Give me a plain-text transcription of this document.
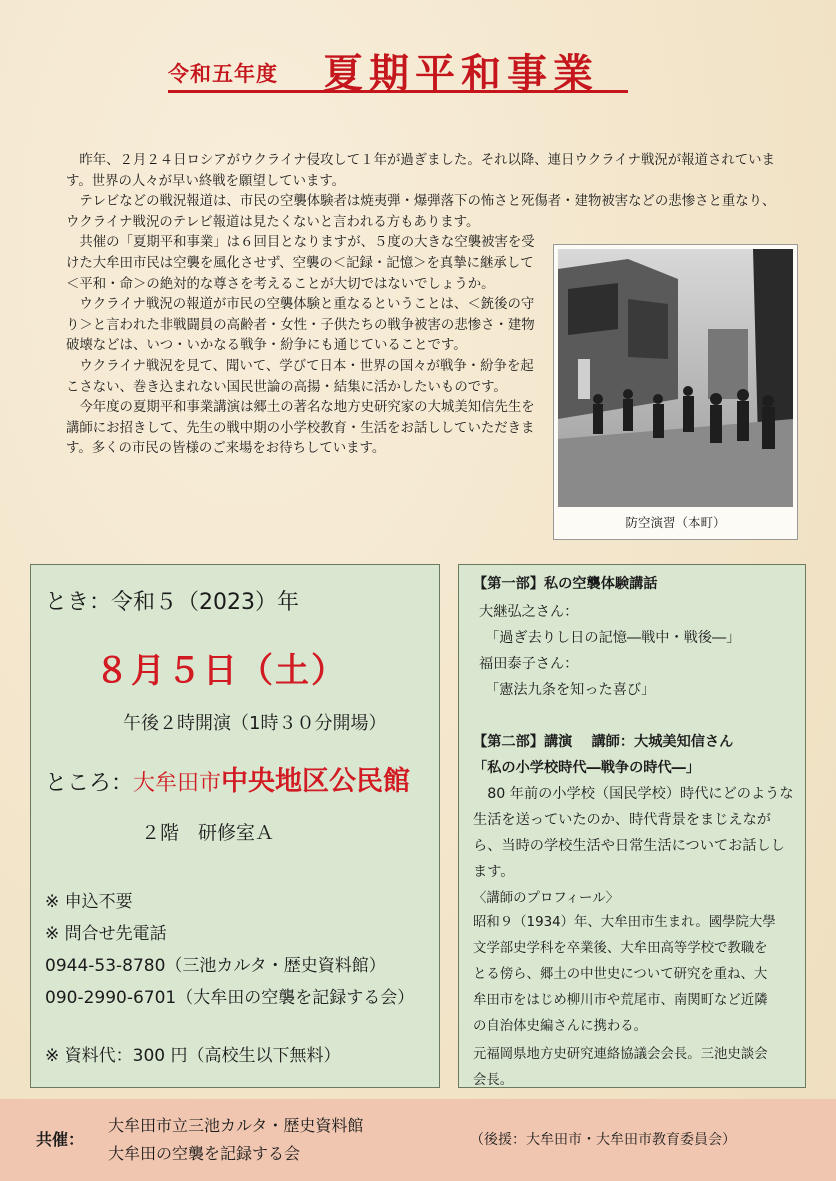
令和五年度 夏期平和事業

　昨年、２月２４日ロシアがウクライナ侵攻して１年が過ぎました。それ以降、連日ウクライナ戦況が報道されています。世界の人々が早い終戦を願望しています。

　テレビなどの戦況報道は、市民の空襲体験者は焼夷弾・爆弾落下の怖さと死傷者・建物被害などの悲惨さと重なり、ウクライナ戦況のテレビ報道は見たくないと言われる方もあります。

　共催の「夏期平和事業」は６回目となりますが、５度の大きな空襲被害を受けた大牟田市民は空襲を風化させず、空襲の＜記録・記憶＞を真摯に継承して＜平和・命＞の絶対的な尊さを考えることが大切ではないでしょうか。

　ウクライナ戦況の報道が市民の空襲体験と重なるということは、＜銃後の守り＞と言われた非戦闘員の高齢者・女性・子供たちの戦争被害の悲惨さ・建物破壊などは、いつ・いかなる戦争・紛争にも通じていることです。

　ウクライナ戦況を見て、聞いて、学びて日本・世界の国々が戦争・紛争を起こさない、巻き込まれない国民世論の高揚・結集に活かしたいものです。

　今年度の夏期平和事業講演は郷土の著名な地方史研究家の大城美知信先生を講師にお招きして、先生の戦中期の小学校教育・生活をお話ししていただきます。多くの市民の皆様のご来場をお待ちしています。

防空演習（本町）
とき：令和５（2023）年
８月５日（土）
午後２時開演（1時３０分開場）
ところ：大牟田市中央地区公民館
２階　研修室Ａ
※ 申込不要
※ 問合せ先電話
0944-53-8780（三池カルタ・歴史資料館）
090-2990-6701（大牟田の空襲を記録する会）
※ 資料代：300 円（高校生以下無料）
【第一部】私の空襲体験講話
大継弘之さん：
「過ぎ去りし日の記憶―戦中・戦後―」
福田泰子さん：
「憲法九条を知った喜び」
【第二部】講演　 講師：大城美知信さん
「私の小学校時代―戦争の時代―」
　80 年前の小学校（国民学校）時代にどのような
生活を送っていたのか、時代背景をまじえなが
ら、当時の学校生活や日常生活についてお話しし
ます。
〈講師のプロフィール〉
昭和９（1934）年、大牟田市生まれ。國學院大學
文学部史学科を卒業後、大牟田高等学校で教職を
とる傍ら、郷土の中世史について研究を重ね、大
牟田市をはじめ柳川市や荒尾市、南関町など近隣
の自治体史編さんに携わる。
元福岡県地方史研究連絡協議会会長。三池史談会
会長。
共催：
大牟田市立三池カルタ・歴史資料館
大牟田の空襲を記録する会
（後援：大牟田市・大牟田市教育委員会）
